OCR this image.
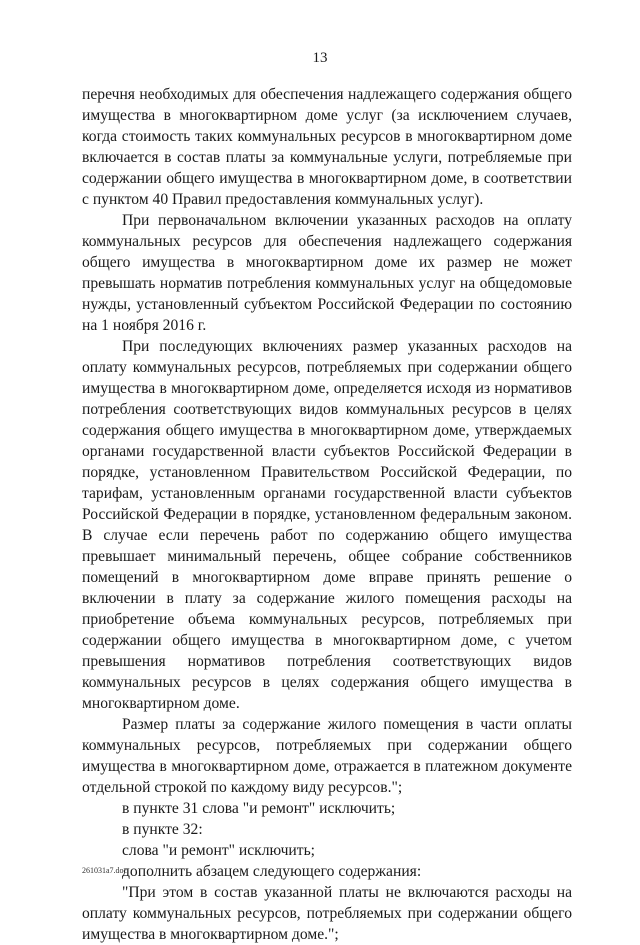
13

перечня необходимых для обеспечения надлежащего содержания общего имущества в многоквартирном доме услуг (за исключением случаев, когда стоимость таких коммунальных ресурсов в многоквартирном доме включается в состав платы за коммунальные услуги, потребляемые при содержании общего имущества в многоквартирном доме, в соответствии с пунктом 40 Правил предоставления коммунальных услуг).

При первоначальном включении указанных расходов на оплату коммунальных ресурсов для обеспечения надлежащего содержания общего имущества в многоквартирном доме их размер не может превышать норматив потребления коммунальных услуг на общедомовые нужды, установленный субъектом Российской Федерации по состоянию на 1 ноября 2016 г.

При последующих включениях размер указанных расходов на оплату коммунальных ресурсов, потребляемых при содержании общего имущества в многоквартирном доме, определяется исходя из нормативов потребления соответствующих видов коммунальных ресурсов в целях содержания общего имущества в многоквартирном доме, утверждаемых органами государственной власти субъектов Российской Федерации в порядке, установленном Правительством Российской Федерации, по тарифам, установленным органами государственной власти субъектов Российской Федерации в порядке, установленном федеральным законом. В случае если перечень работ по содержанию общего имущества превышает минимальный перечень, общее собрание собственников помещений в многоквартирном доме вправе принять решение о включении в плату за содержание жилого помещения расходы на приобретение объема коммунальных ресурсов, потребляемых при содержании общего имущества в многоквартирном доме, с учетом превышения нормативов потребления соответствующих видов коммунальных ресурсов в целях содержания общего имущества в многоквартирном доме.

Размер платы за содержание жилого помещения в части оплаты коммунальных ресурсов, потребляемых при содержании общего имущества в многоквартирном доме, отражается в платежном документе отдельной строкой по каждому виду ресурсов.";

в пункте 31 слова "и ремонт" исключить;

в пункте 32:

слова "и ремонт" исключить;

дополнить абзацем следующего содержания:

"При этом в состав указанной платы не включаются расходы на оплату коммунальных ресурсов, потребляемых при содержании общего имущества в многоквартирном доме.";

261031a7.doc
